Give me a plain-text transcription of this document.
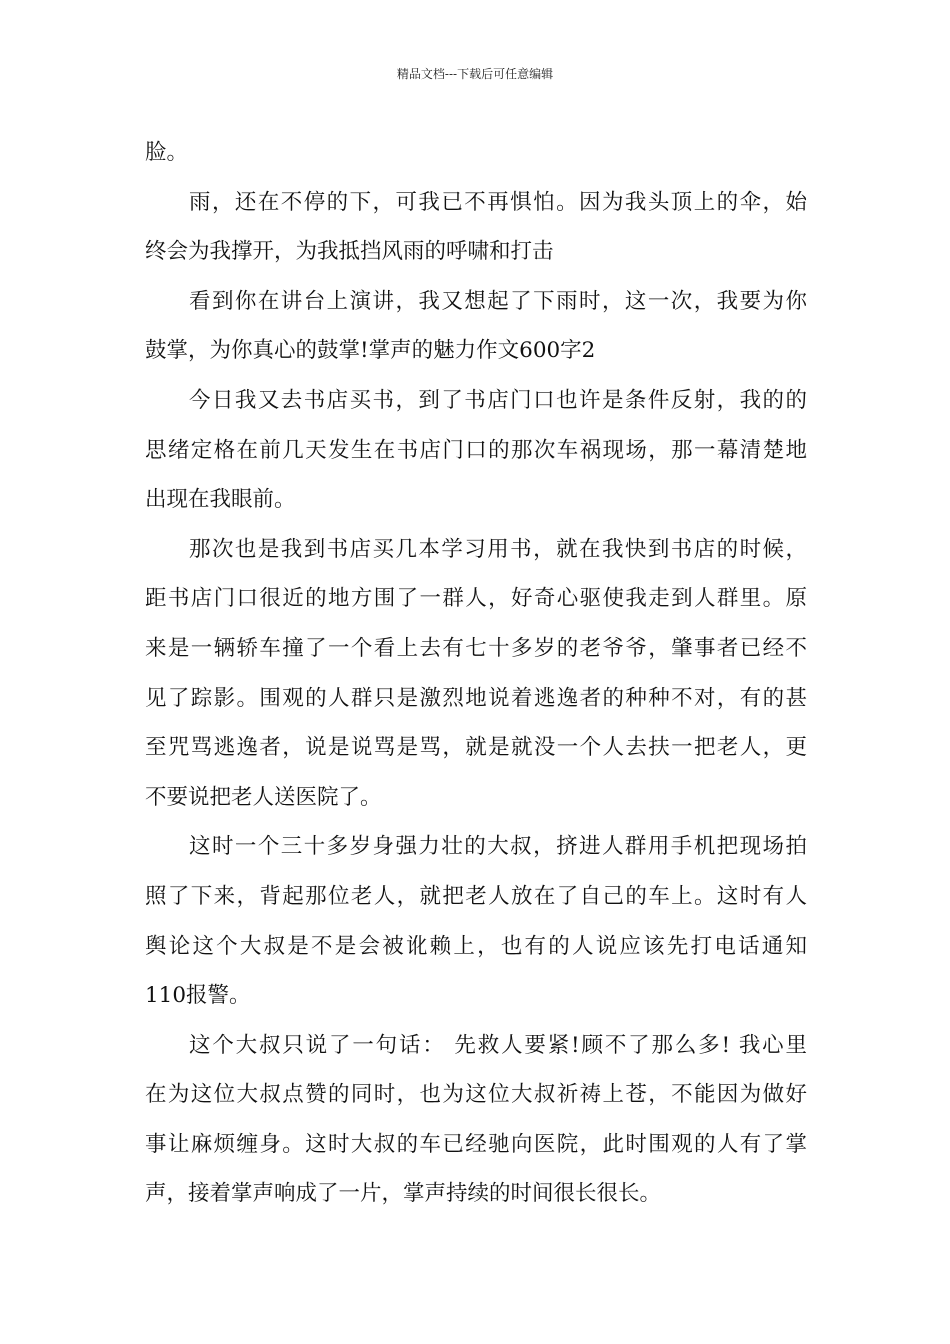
精品文档---下载后可任意编辑
脸。
雨，还在不停的下，可我已不再惧怕。因为我头顶上的伞，始
终会为我撑开，为我抵挡风雨的呼啸和打击
看到你在讲台上演讲，我又想起了下雨时，这一次，我要为你
鼓掌，为你真心的鼓掌!掌声的魅力作文600字2
今日我又去书店买书，到了书店门口也许是条件反射，我的的
思绪定格在前几天发生在书店门口的那次车祸现场，那一幕清楚地
出现在我眼前。
那次也是我到书店买几本学习用书，就在我快到书店的时候，
距书店门口很近的地方围了一群人，好奇心驱使我走到人群里。原
来是一辆轿车撞了一个看上去有七十多岁的老爷爷，肇事者已经不
见了踪影。围观的人群只是激烈地说着逃逸者的种种不对，有的甚
至咒骂逃逸者，说是说骂是骂，就是就没一个人去扶一把老人，更
不要说把老人送医院了。
这时一个三十多岁身强力壮的大叔，挤进人群用手机把现场拍
照了下来，背起那位老人，就把老人放在了自己的车上。这时有人
舆论这个大叔是不是会被讹赖上，也有的人说应该先打电话通知
110报警。
这个大叔只说了一句话： 先救人要紧!顾不了那么多! 我心里
在为这位大叔点赞的同时，也为这位大叔祈祷上苍，不能因为做好
事让麻烦缠身。这时大叔的车已经驰向医院，此时围观的人有了掌
声，接着掌声响成了一片，掌声持续的时间很长很长。
